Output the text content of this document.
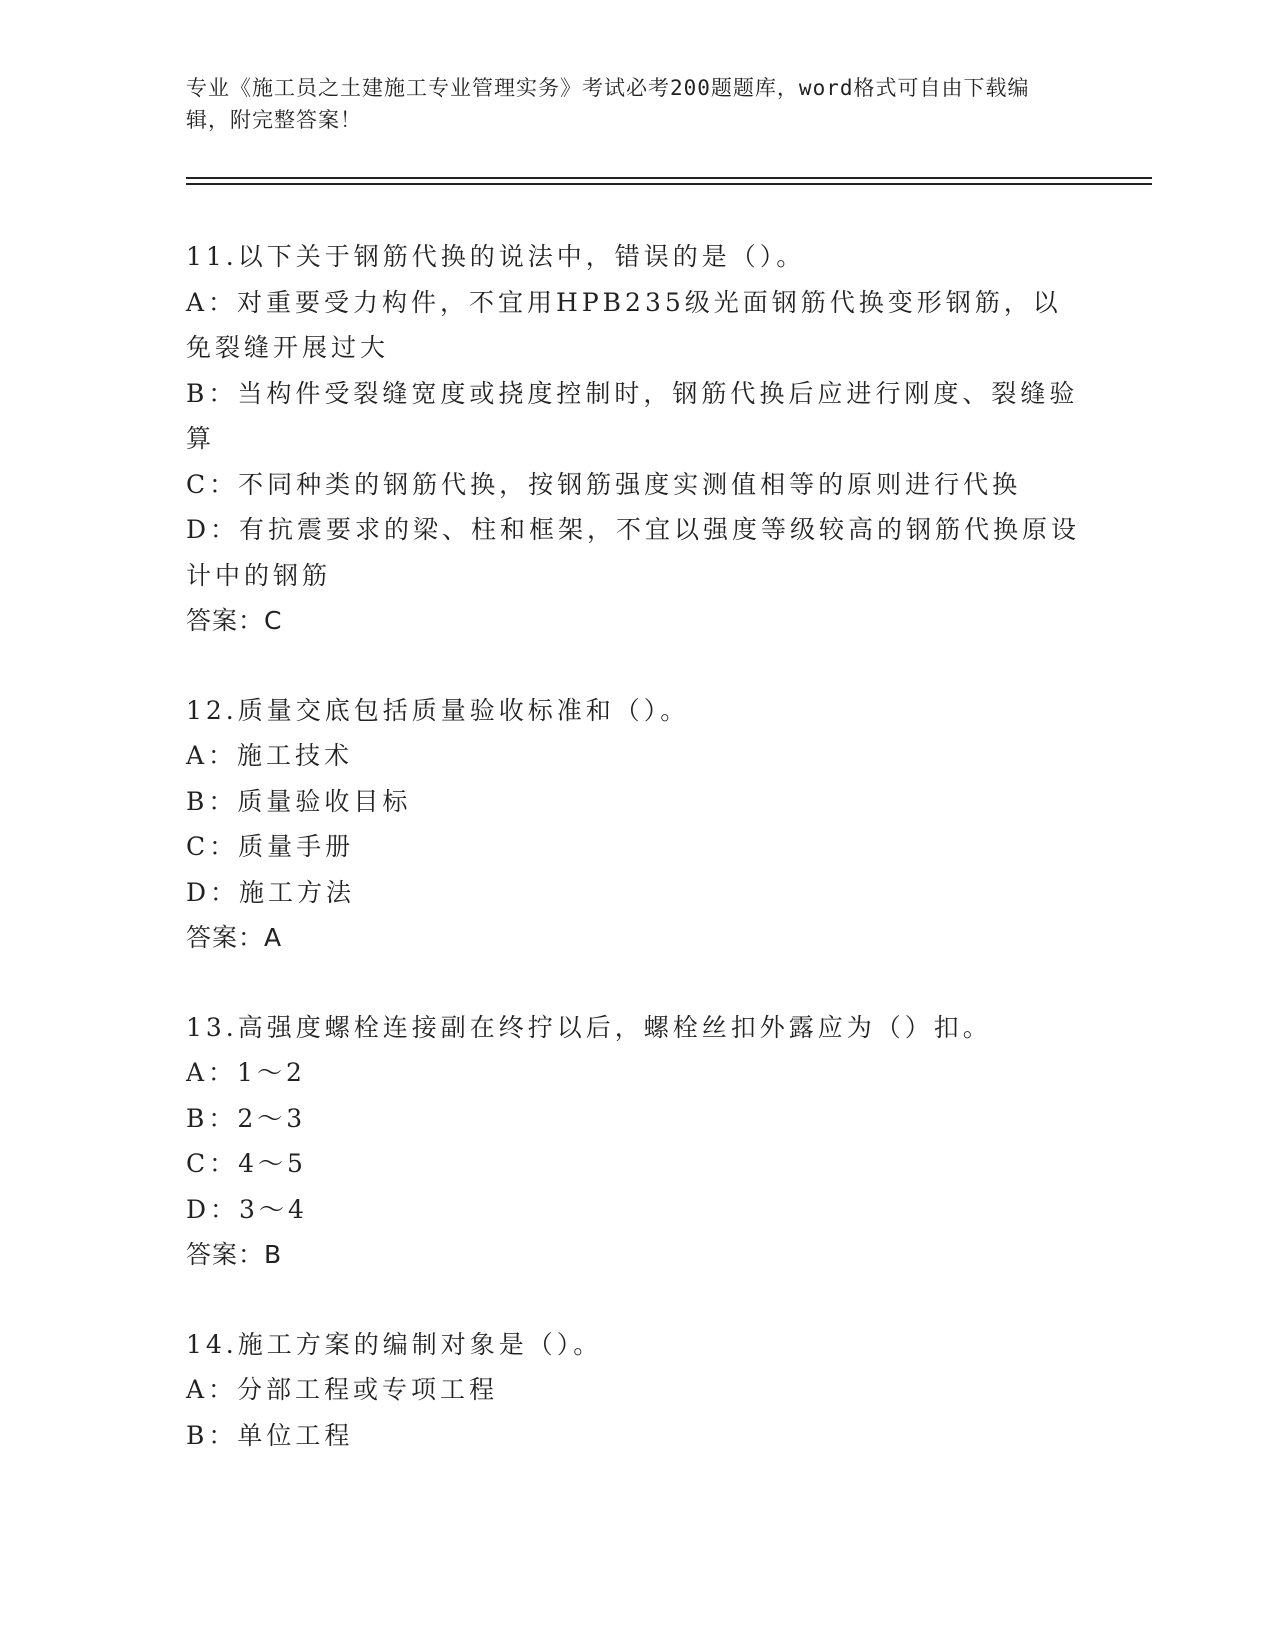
专业《施工员之土建施工专业管理实务》考试必考200题题库，word格式可自由下载编辑，附完整答案！
11.以下关于钢筋代换的说法中，错误的是（）。
A：对重要受力构件，不宜用HPB235级光面钢筋代换变形钢筋，以免裂缝开展过大
B：当构件受裂缝宽度或挠度控制时，钢筋代换后应进行刚度、裂缝验算
C：不同种类的钢筋代换，按钢筋强度实测值相等的原则进行代换
D：有抗震要求的梁、柱和框架，不宜以强度等级较高的钢筋代换原设计中的钢筋
答案：C
12.质量交底包括质量验收标准和（）。
A：施工技术
B：质量验收目标
C：质量手册
D：施工方法
答案：A
13.高强度螺栓连接副在终拧以后，螺栓丝扣外露应为（）扣。
A：1～2
B：2～3
C：4～5
D：3～4
答案：B
14.施工方案的编制对象是（）。
A：分部工程或专项工程
B：单位工程
